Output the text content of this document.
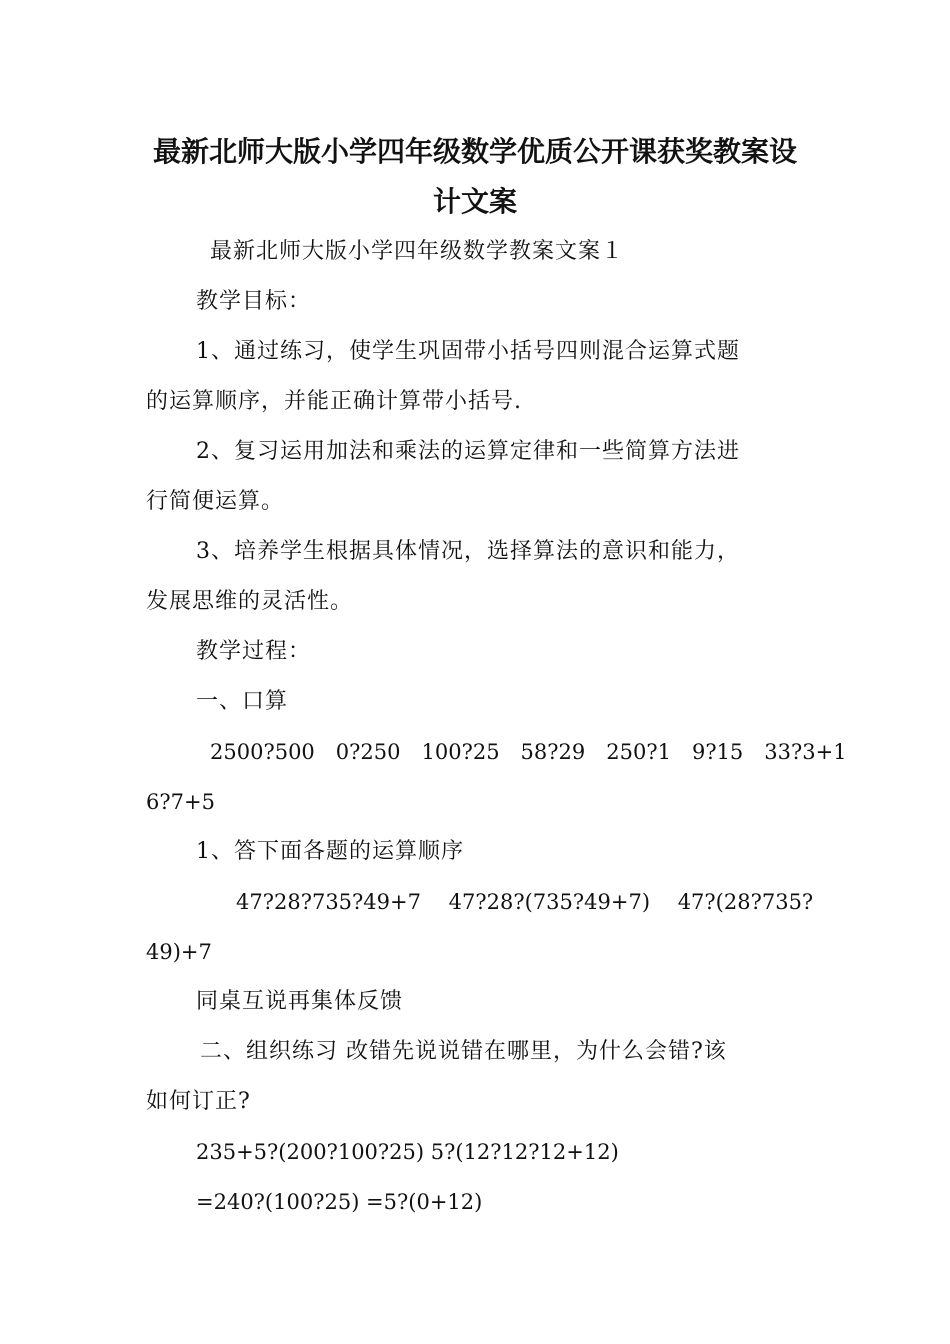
最新北师大版小学四年级数学优质公开课获奖教案设
计文案

最新北师大版小学四年级数学教案文案１

教学目标：

1、通过练习，使学生巩固带小括号四则混合运算式题

的运算顺序，并能正确计算带小括号.

2、复习运用加法和乘法的运算定律和一些简算方法进

行简便运算。

3、培养学生根据具体情况，选择算法的意识和能力，

发展思维的灵活性。

教学过程：

一、口算

2500?500　0?250　100?25　58?29　250?1　9?15　33?3+1

6?7+5

1、答下面各题的运算顺序

47?28?735?49+7　 47?28?(735?49+7)　 47?(28?735?

49)+7

同桌互说再集体反馈

二、组织练习 改错先说说错在哪里，为什么会错?该

如何订正?

235+5?(200?100?25) 5?(12?12?12+12)

=240?(100?25) =5?(0+12)
